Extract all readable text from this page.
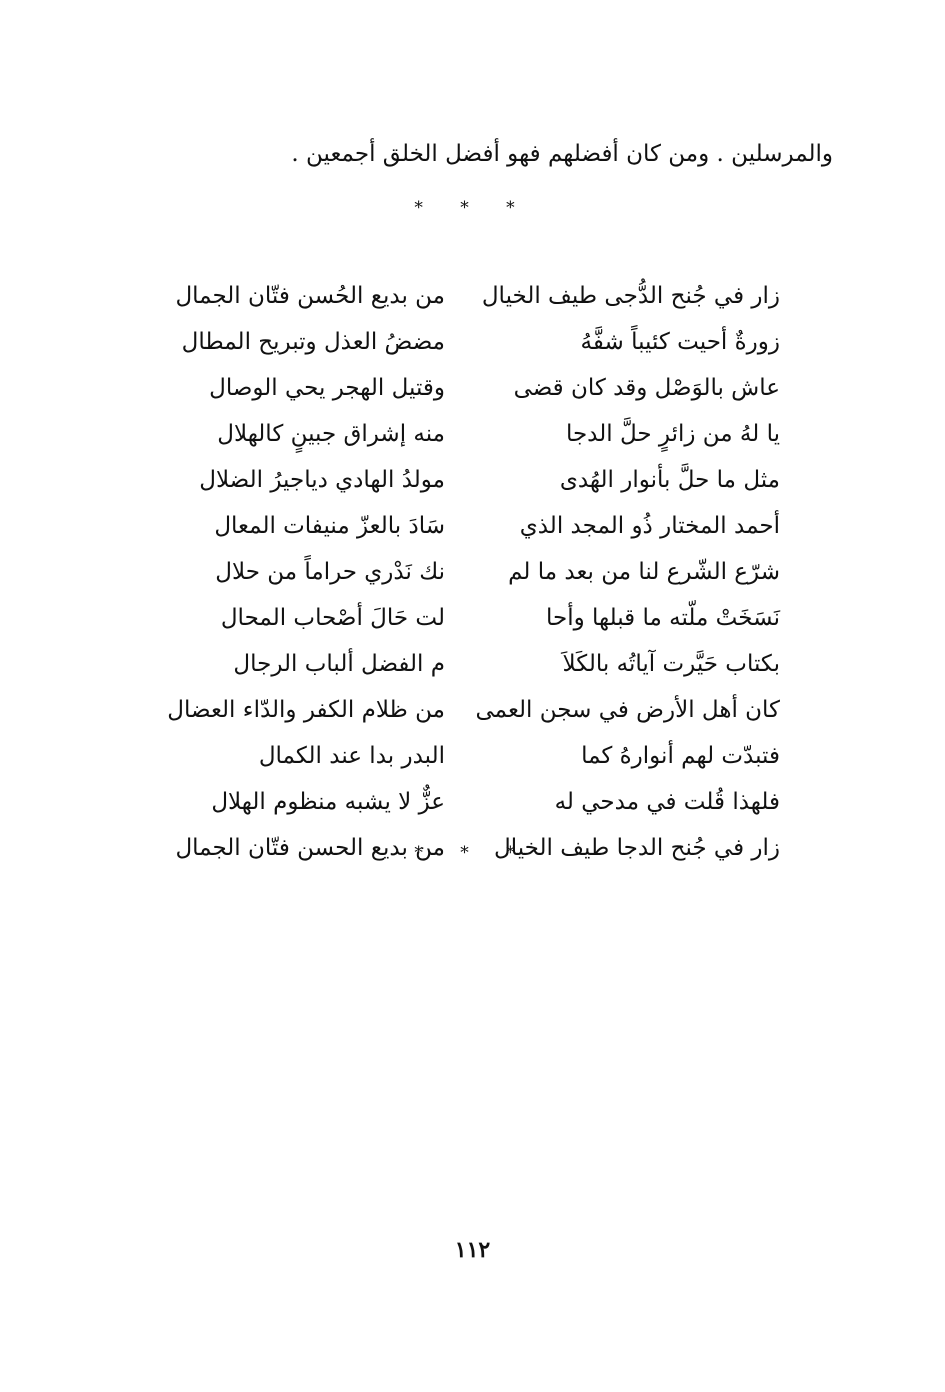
والمرسلين . ومن كان أفضلهم فهو أفضل الخلق أجمعين .
* * *
زار في جُنح الدُّجى طيف الخيال
من بديع الحُسن فتّان الجمال
زورةٌ أحيت كئيباً شفَّهُ
مضضُ العذل وتبريح المطال
عاش بالوَصْل وقد كان قضى
وقتيل الهجر يحي الوصال
يا لهُ من زائرٍ حلَّ الدجا
منه إشراق جبينٍ كالهلال
مثل ما حلَّ بأنوار الهُدى
مولدُ الهادي دياجيرُ الضلال
أحمد المختار ذُو المجد الذي
سَادَ بالعزّ منيفات المعال
شرّع الشّرع لنا من بعد ما لم
نك نَدْري حراماً من حلال
نَسَخَتْ ملّته ما قبلها وأحا
لت حَالَ أصْحاب المحال
بكتاب حَيَّرت آياتُه بالكَلاَ
م الفضل ألباب الرجال
كان أهل الأرض في سجن العمى
من ظلام الكفر والدّاء العضال
فتبدّت لهم أنوارهُ كما
البدر بدا عند الكمال
فلهذا قُلت في مدحي له
عزٌّ لا يشبه منظوم الهلال
زار في جُنح الدجا طيف الخيال
من بديع الحسن فتّان الجمال
* * *
١١٢
